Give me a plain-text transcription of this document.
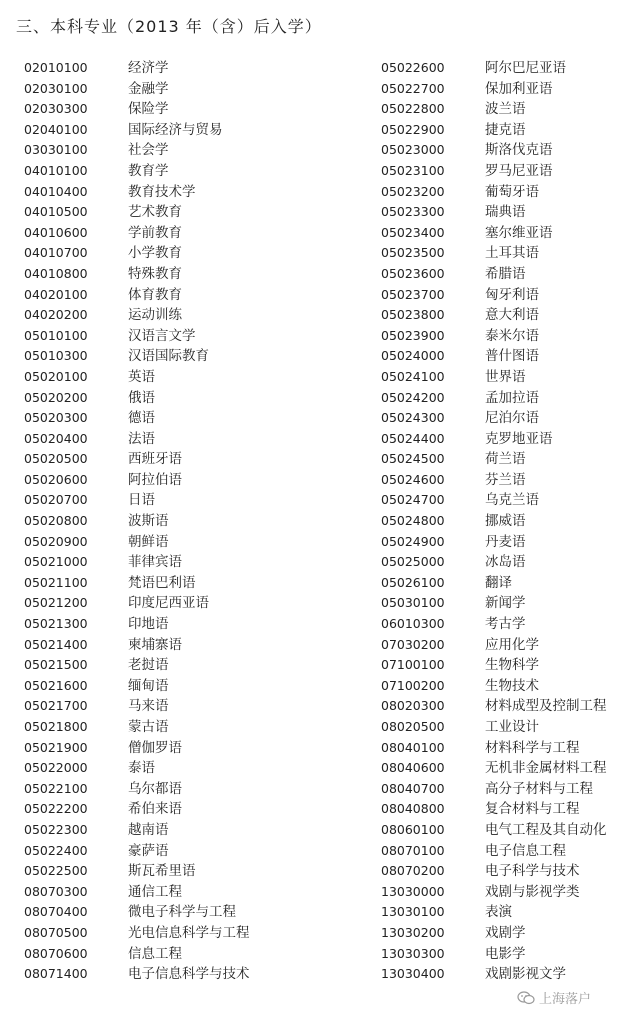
三、本科专业（2013 年（含）后入学）
02010100	经济学
02030100	金融学
02030300	保险学
02040100	国际经济与贸易
03030100	社会学
04010100	教育学
04010400	教育技术学
04010500	艺术教育
04010600	学前教育
04010700	小学教育
04010800	特殊教育
04020100	体育教育
04020200	运动训练
05010100	汉语言文学
05010300	汉语国际教育
05020100	英语
05020200	俄语
05020300	德语
05020400	法语
05020500	西班牙语
05020600	阿拉伯语
05020700	日语
05020800	波斯语
05020900	朝鲜语
05021000	菲律宾语
05021100	梵语巴利语
05021200	印度尼西亚语
05021300	印地语
05021400	柬埔寨语
05021500	老挝语
05021600	缅甸语
05021700	马来语
05021800	蒙古语
05021900	僧伽罗语
05022000	泰语
05022100	乌尔都语
05022200	希伯来语
05022300	越南语
05022400	豪萨语
05022500	斯瓦希里语
08070300	通信工程
08070400	微电子科学与工程
08070500	光电信息科学与工程
08070600	信息工程
08071400	电子信息科学与技术
05022600	阿尔巴尼亚语
05022700	保加利亚语
05022800	波兰语
05022900	捷克语
05023000	斯洛伐克语
05023100	罗马尼亚语
05023200	葡萄牙语
05023300	瑞典语
05023400	塞尔维亚语
05023500	土耳其语
05023600	希腊语
05023700	匈牙利语
05023800	意大利语
05023900	泰米尔语
05024000	普什图语
05024100	世界语
05024200	孟加拉语
05024300	尼泊尔语
05024400	克罗地亚语
05024500	荷兰语
05024600	芬兰语
05024700	乌克兰语
05024800	挪威语
05024900	丹麦语
05025000	冰岛语
05026100	翻译
05030100	新闻学
06010300	考古学
07030200	应用化学
07100100	生物科学
07100200	生物技术
08020300	材料成型及控制工程
08020500	工业设计
08040100	材料科学与工程
08040600	无机非金属材料工程
08040700	高分子材料与工程
08040800	复合材料与工程
08060100	电气工程及其自动化
08070100	电子信息工程
08070200	电子科学与技术
13030000	戏剧与影视学类
13030100	表演
13030200	戏剧学
13030300	电影学
13030400	戏剧影视文学
上海落户
